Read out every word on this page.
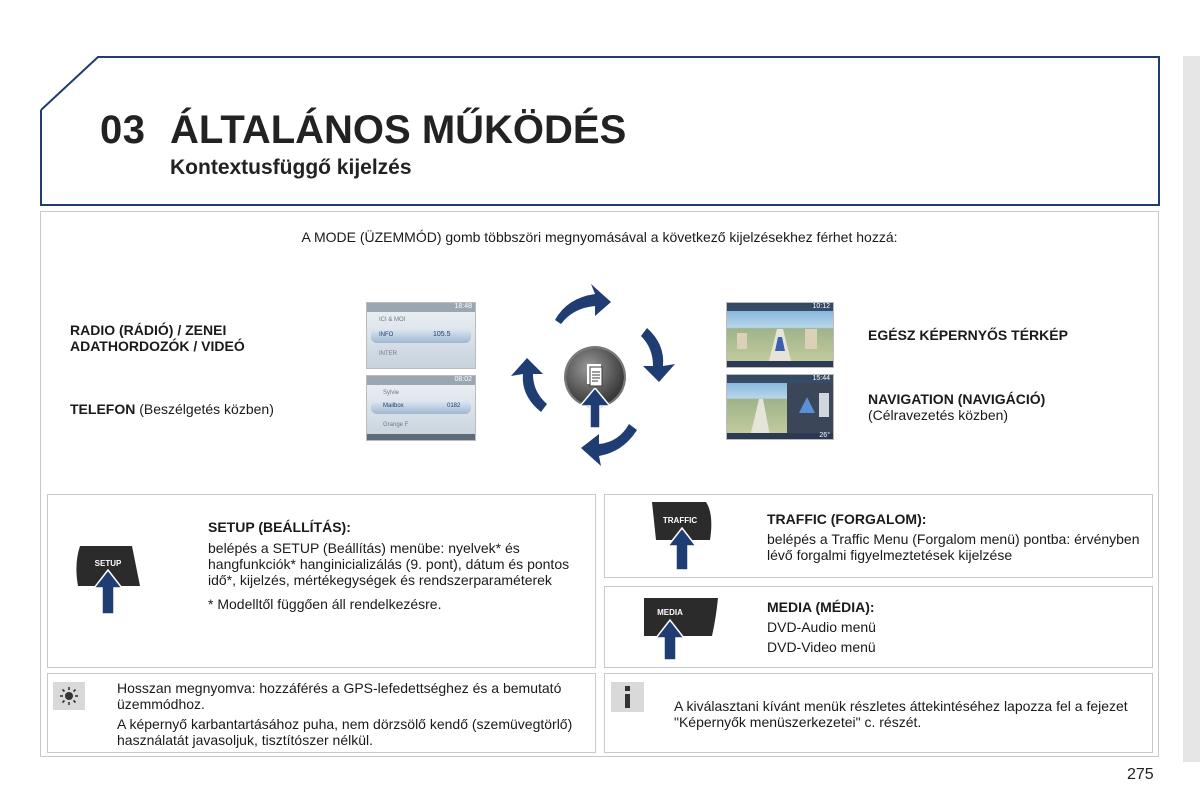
03 ÁLTALÁNOS MŰKÖDÉS
Kontextusfüggő kijelzés
A MODE (ÜZEMMÓD) gomb többszöri megnyomásával a következő kijelzésekhez férhet hozzá:
RADIO (RÁDIÓ) / ZENEI ADATHORDOZÓK / VIDEÓ
TELEFON (Beszélgetés közben)
18:48
ICI & MOI
INFO	105.5
INTER
08:02
Sylvie
Mailbox	0182
Grange F
10:12
15:44
26°
EGÉSZ KÉPERNYŐS TÉRKÉP
NAVIGATION (NAVIGÁCIÓ)
(Célravezetés közben)
SETUP

SETUP (BEÁLLÍTÁS):

belépés a SETUP (Beállítás) menübe: nyelvek* és hangfunkciók* hanginicializálás (9. pont), dátum és pontos idő*, kijelzés, mértékegységek és rendszerparaméterek

* Modelltől függően áll rendelkezésre.

TRAFFIC	TRAFFIC (FORGALOM):

belépés a Traffic Menu (Forgalom menü) pontba: érvényben lévő forgalmi figyelmeztetések kijelzése

MEDIA	MEDIA (MÉDIA):

DVD-Audio menü

DVD-Video menü

Hosszan megnyomva: hozzáférés a GPS-lefedettséghez és a bemutató üzemmódhoz.

A képernyő karbantartásához puha, nem dörzsölő kendő (szemüvegtörlő) használatát javasoljuk, tisztítószer nélkül.

A kiválasztani kívánt menük részletes áttekintéséhez lapozza fel a fejezet "Képernyők menüszerkezetei" c. részét.
275
